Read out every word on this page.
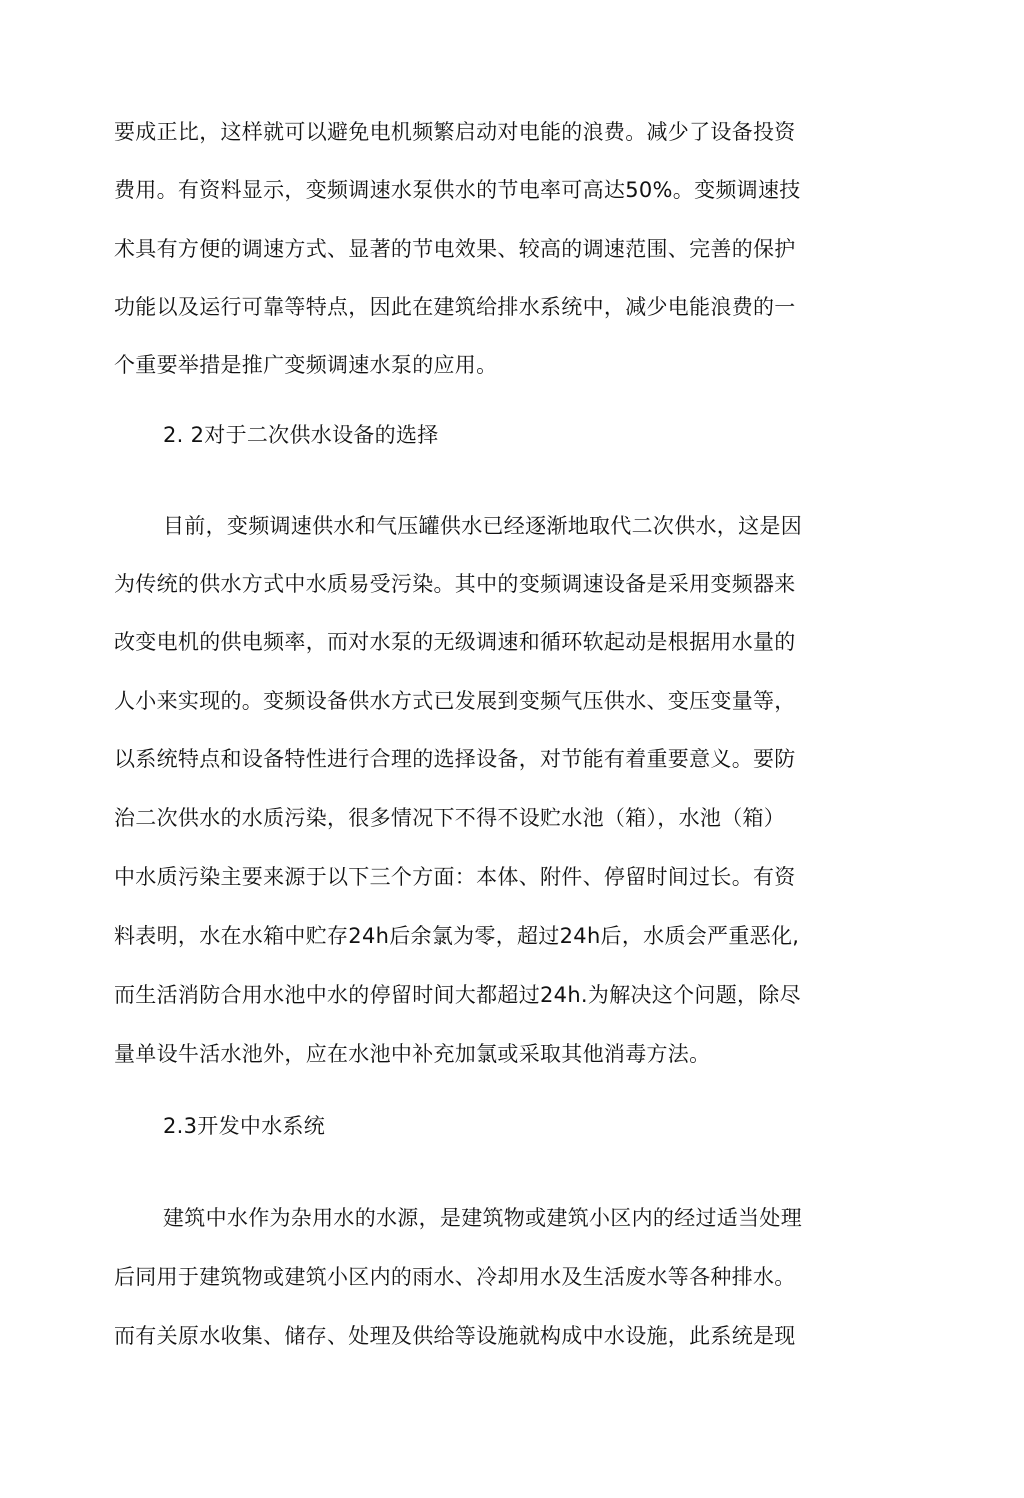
要成正比，这样就可以避免电机频繁启动对电能的浪费。减少了设备投资
费用。有资料显示，变频调速水泵供水的节电率可高达50%。变频调速技
术具有方便的调速方式、显著的节电效果、较高的调速范围、完善的保护
功能以及运行可靠等特点，因此在建筑给排水系统中，减少电能浪费的一
个重要举措是推广变频调速水泵的应用。
2. 2对于二次供水设备的选择
目前，变频调速供水和气压罐供水已经逐渐地取代二次供水，这是因
为传统的供水方式中水质易受污染。其中的变频调速设备是采用变频器来
改变电机的供电频率，而对水泵的无级调速和循环软起动是根据用水量的
人小来实现的。变频设备供水方式已发展到变频气压供水、变压变量等，
以系统特点和设备特性进行合理的选择设备，对节能有着重要意义。要防
治二次供水的水质污染，很多情况下不得不设贮水池（箱），水池（箱）
中水质污染主要来源于以下三个方面：本体、附件、停留时间过长。有资
料表明，水在水箱中贮存24h后余氯为零，超过24h后，水质会严重恶化,
而生活消防合用水池中水的停留时间大都超过24h.为解决这个问题，除尽
量单设牛活水池外，应在水池中补充加氯或采取其他消毒方法。
2.3开发中水系统
建筑中水作为杂用水的水源，是建筑物或建筑小区内的经过适当处理
后同用于建筑物或建筑小区内的雨水、冷却用水及生活废水等各种排水。
而有关原水收集、储存、处理及供给等设施就构成中水设施，此系统是现
